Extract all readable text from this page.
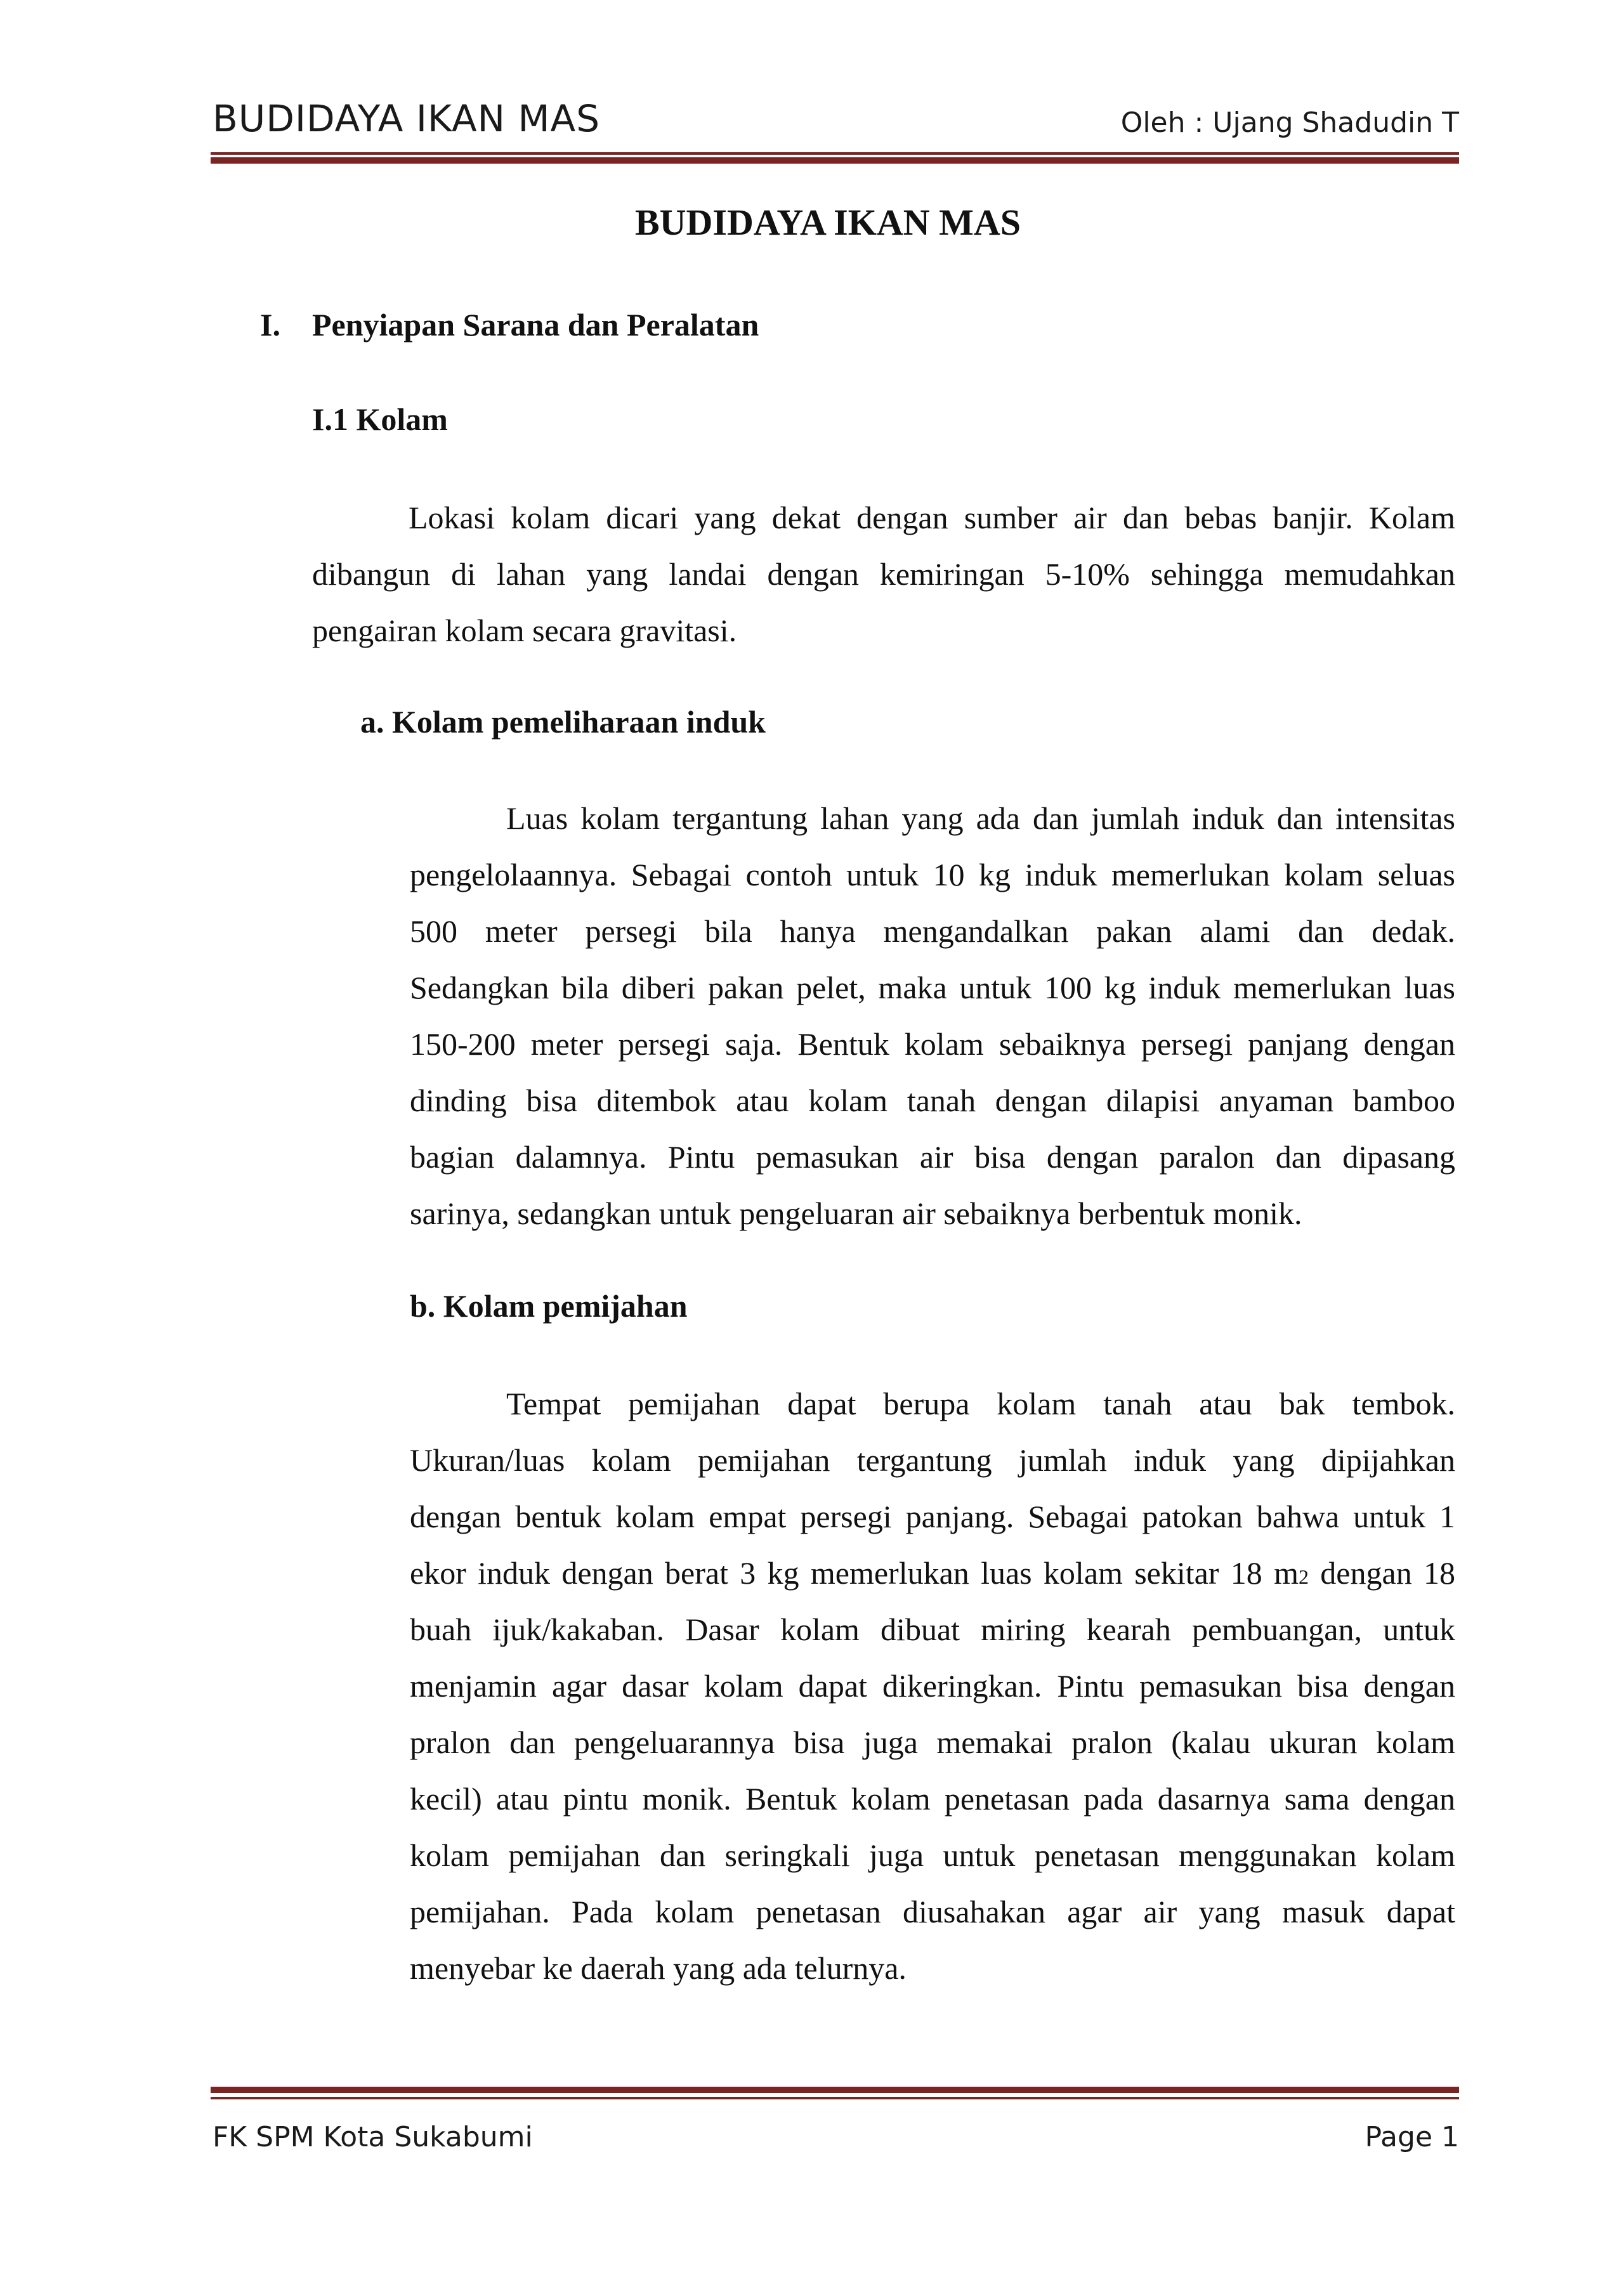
BUDIDAYA IKAN MAS	Oleh : Ujang Shadudin T
BUDIDAYA IKAN MAS
I. Penyiapan Sarana dan Peralatan
I.1 Kolam
Lokasi kolam dicari yang dekat dengan sumber air dan bebas banjir. Kolam
dibangun di lahan yang landai dengan kemiringan 5-10% sehingga memudahkan
pengairan kolam secara gravitasi.
a. Kolam pemeliharaan induk
Luas kolam tergantung lahan yang ada dan jumlah induk dan intensitas
pengelolaannya. Sebagai contoh untuk 10 kg induk memerlukan kolam seluas
500 meter persegi bila hanya mengandalkan pakan alami dan dedak.
Sedangkan bila diberi pakan pelet, maka untuk 100 kg induk memerlukan luas
150-200 meter persegi saja. Bentuk kolam sebaiknya persegi panjang dengan
dinding bisa ditembok atau kolam tanah dengan dilapisi anyaman bamboo
bagian dalamnya. Pintu pemasukan air bisa dengan paralon dan dipasang
sarinya, sedangkan untuk pengeluaran air sebaiknya berbentuk monik.
b. Kolam pemijahan
Tempat pemijahan dapat berupa kolam tanah atau bak tembok.
Ukuran/luas kolam pemijahan tergantung jumlah induk yang dipijahkan
dengan bentuk kolam empat persegi panjang. Sebagai patokan bahwa untuk 1
ekor induk dengan berat 3 kg memerlukan luas kolam sekitar 18 m2 dengan 18
buah ijuk/kakaban. Dasar kolam dibuat miring kearah pembuangan, untuk
menjamin agar dasar kolam dapat dikeringkan. Pintu pemasukan bisa dengan
pralon dan pengeluarannya bisa juga memakai pralon (kalau ukuran kolam
kecil) atau pintu monik. Bentuk kolam penetasan pada dasarnya sama dengan
kolam pemijahan dan seringkali juga untuk penetasan menggunakan kolam
pemijahan. Pada kolam penetasan diusahakan agar air yang masuk dapat
menyebar ke daerah yang ada telurnya.
FK SPM Kota Sukabumi	Page 1
